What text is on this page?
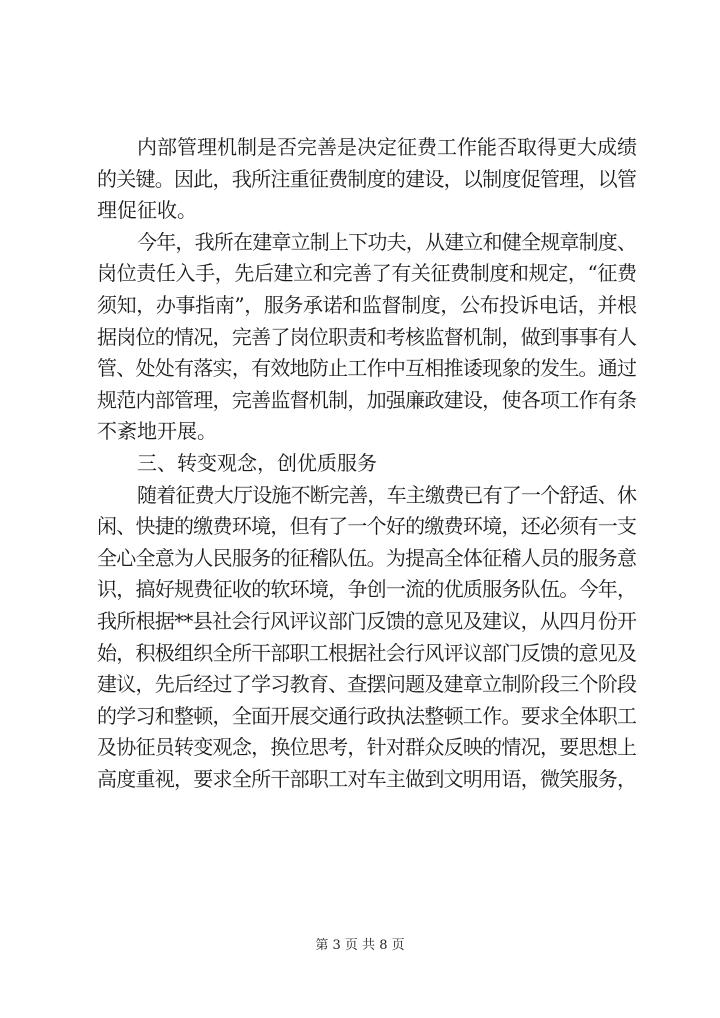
内部管理机制是否完善是决定征费工作能否取得更大成绩
的关键。因此，我所注重征费制度的建设，以制度促管理，以管
理促征收。
今年，我所在建章立制上下功夫，从建立和健全规章制度、
岗位责任入手，先后建立和完善了有关征费制度和规定，“征费
须知，办事指南”，服务承诺和监督制度，公布投诉电话，并根
据岗位的情况，完善了岗位职责和考核监督机制，做到事事有人
管、处处有落实，有效地防止工作中互相推诿现象的发生。通过
规范内部管理，完善监督机制，加强廉政建设，使各项工作有条
不紊地开展。
三、转变观念，创优质服务
随着征费大厅设施不断完善，车主缴费已有了一个舒适、休
闲、快捷的缴费环境，但有了一个好的缴费环境，还必须有一支
全心全意为人民服务的征稽队伍。为提高全体征稽人员的服务意
识，搞好规费征收的软环境，争创一流的优质服务队伍。今年，
我所根据**县社会行风评议部门反馈的意见及建议，从四月份开
始，积极组织全所干部职工根据社会行风评议部门反馈的意见及
建议，先后经过了学习教育、查摆问题及建章立制阶段三个阶段
的学习和整顿，全面开展交通行政执法整顿工作。要求全体职工
及协征员转变观念，换位思考，针对群众反映的情况，要思想上
高度重视，要求全所干部职工对车主做到文明用语，微笑服务，
第 3 页 共 8 页
